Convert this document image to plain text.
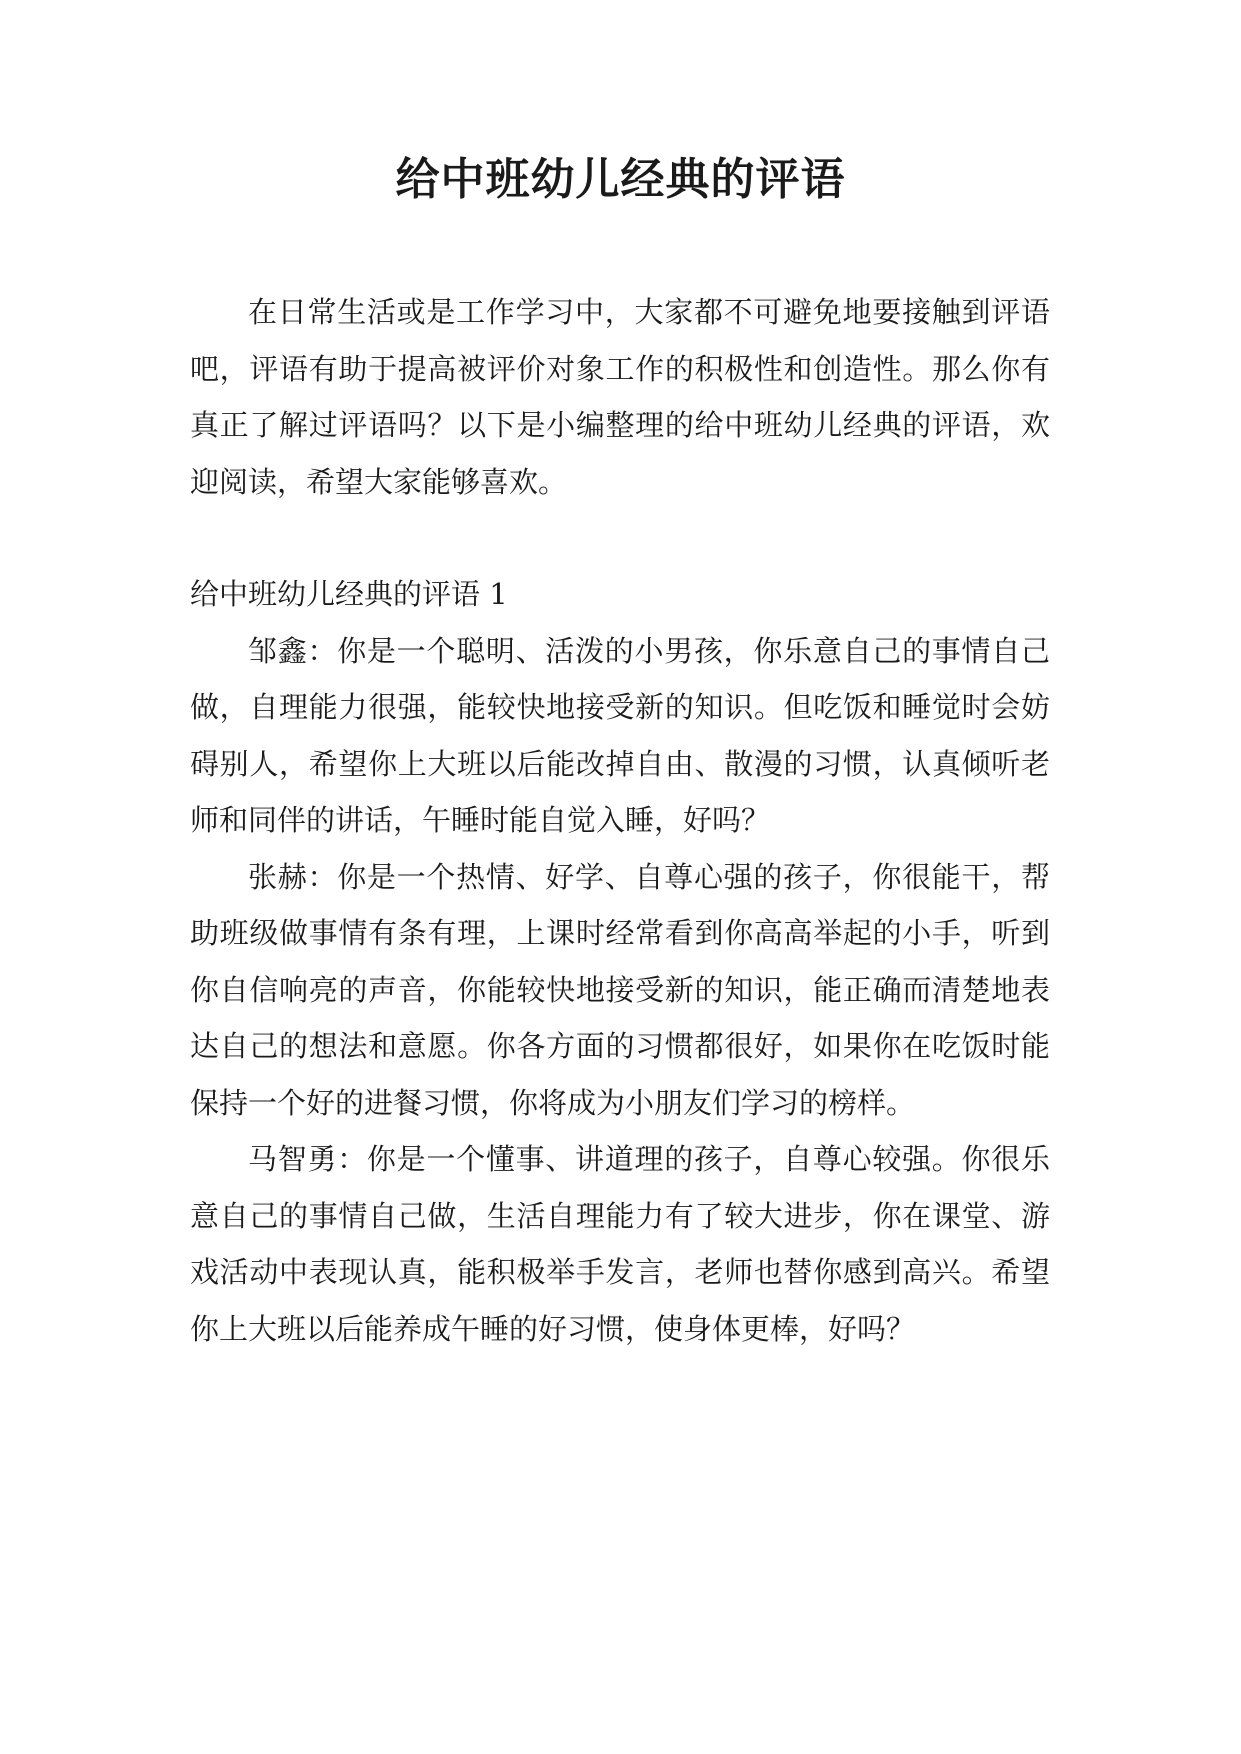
给中班幼儿经典的评语

在日常生活或是工作学习中，大家都不可避免地要接触到评语吧，评语有助于提高被评价对象工作的积极性和创造性。那么你有真正了解过评语吗？以下是小编整理的给中班幼儿经典的评语，欢迎阅读，希望大家能够喜欢。

给中班幼儿经典的评语 1

邹鑫：你是一个聪明、活泼的小男孩，你乐意自己的事情自己做，自理能力很强，能较快地接受新的知识。但吃饭和睡觉时会妨碍别人，希望你上大班以后能改掉自由、散漫的习惯，认真倾听老师和同伴的讲话，午睡时能自觉入睡，好吗？

张赫：你是一个热情、好学、自尊心强的孩子，你很能干，帮助班级做事情有条有理，上课时经常看到你高高举起的小手，听到你自信响亮的声音，你能较快地接受新的知识，能正确而清楚地表达自己的想法和意愿。你各方面的习惯都很好，如果你在吃饭时能保持一个好的进餐习惯，你将成为小朋友们学习的榜样。

马智勇：你是一个懂事、讲道理的孩子，自尊心较强。你很乐意自己的事情自己做，生活自理能力有了较大进步，你在课堂、游戏活动中表现认真，能积极举手发言，老师也替你感到高兴。希望你上大班以后能养成午睡的好习惯，使身体更棒，好吗？
